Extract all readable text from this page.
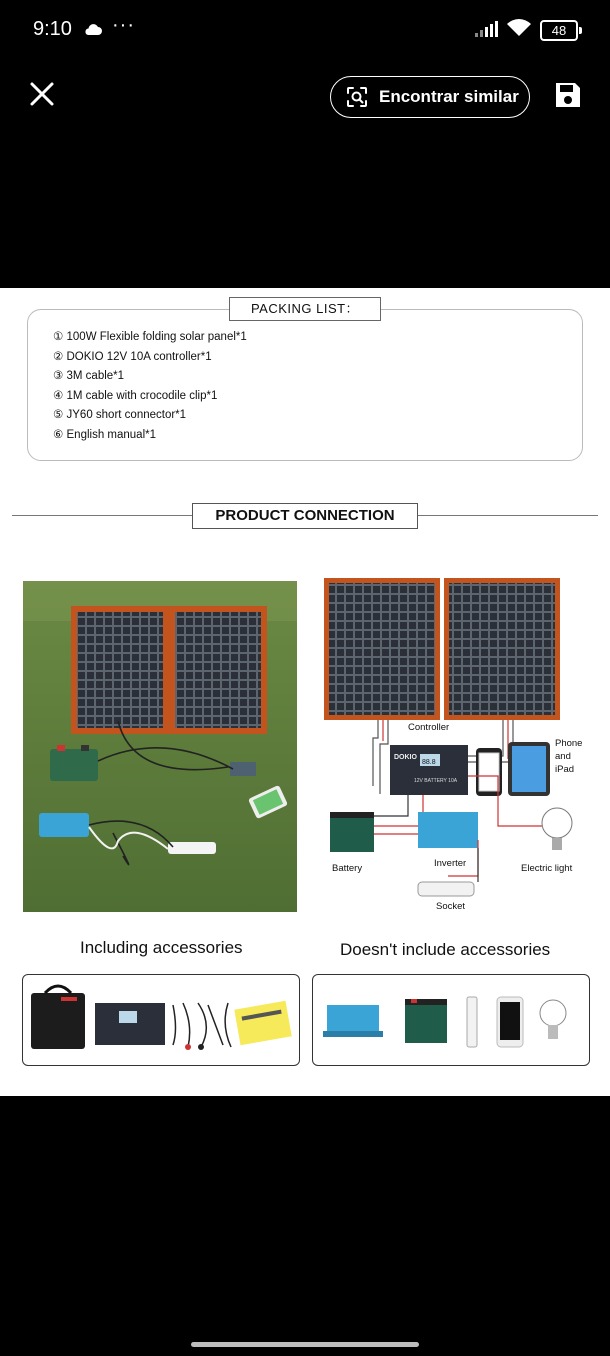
9:10 ···	48
Encontrar similar
PACKING LIST：
① 100W Flexible folding solar panel*1
② DOKIO 12V 10A controller*1
③ 3M cable*1
④ 1M cable with crocodile clip*1
⑤ JY60 short connector*1
⑥ English manual*1
PRODUCT CONNECTION
Controller
Phone
and
iPad
Battery	Inverter	Electric light
Socket
DOKIO
88.8
12V BATTERY 10A
Including accessories	Doesn't include accessories
